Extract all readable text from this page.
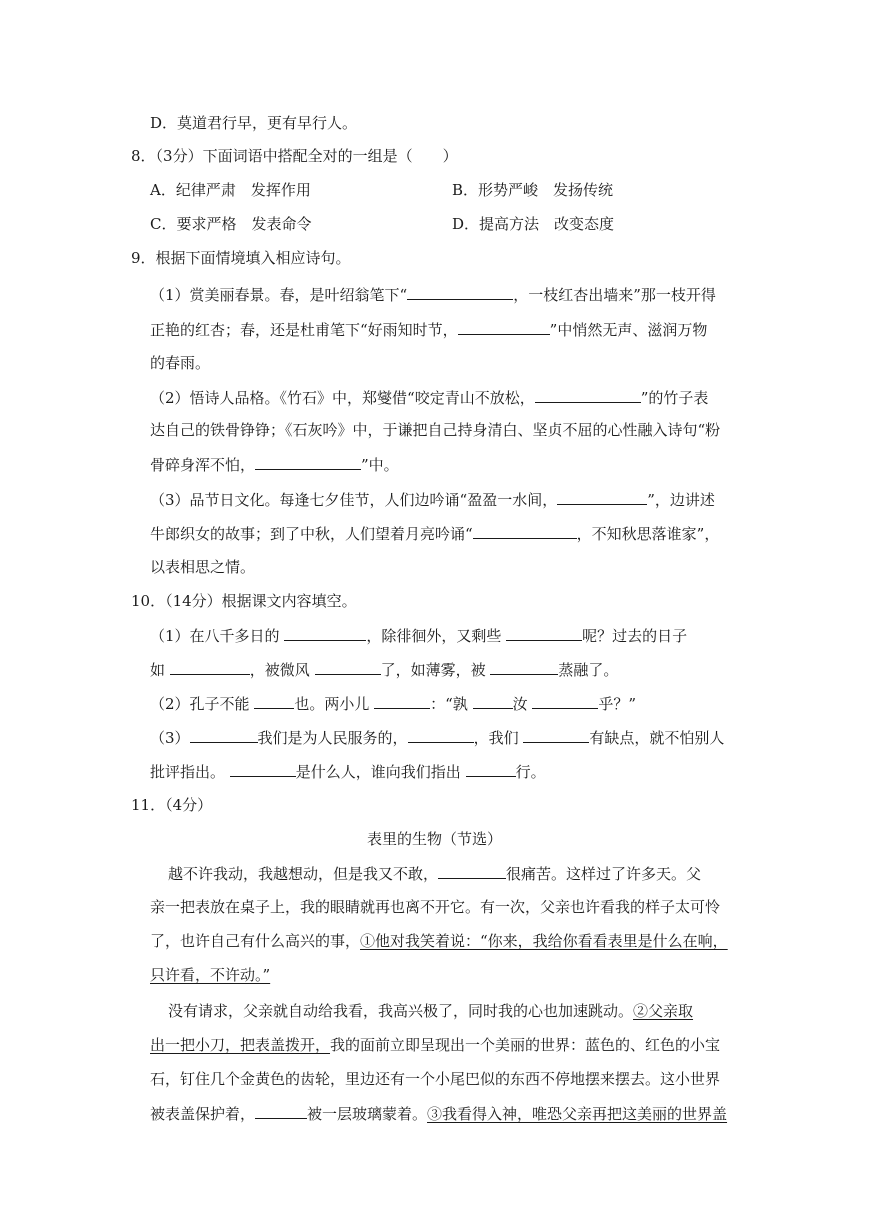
D．莫道君行早，更有早行人。
8．（3分）下面词语中搭配全对的一组是（　　）
A．纪律严肃　发挥作用	B．形势严峻　发扬传统
C．要求严格　发表命令	D．提高方法　改变态度
9．根据下面情境填入相应诗句。
（1）赏美丽春景。春，是叶绍翁笔下“	，一枝红杏出墙来”那一枝开得
正艳的红杏；春，还是杜甫笔下“好雨知时节，	”中悄然无声、滋润万物
的春雨。
（2）悟诗人品格。《竹石》中，郑燮借“咬定青山不放松，	”的竹子表
达自己的铁骨铮铮；《石灰吟》中，于谦把自己持身清白、坚贞不屈的心性融入诗句“粉
骨碎身浑不怕，	”中。
（3）品节日文化。每逢七夕佳节，人们边吟诵“盈盈一水间，	”，边讲述
牛郎织女的故事；到了中秋，人们望着月亮吟诵“	，不知秋思落谁家”，
以表相思之情。
10．（14分）根据课文内容填空。
（1）在八千多日的	，除徘徊外，又剩些	呢？过去的日子
如	，被微风	了，如薄雾，被	蒸融了。
（2）孔子不能	也。两小儿	：“孰	汝	乎？”
（3）	我们是为人民服务的，	，我们	有缺点，就不怕别人
批评指出。	是什么人，谁向我们指出	行。
11．（4分）
表里的生物（节选）
越不许我动，我越想动，但是我又不敢，	很痛苦。这样过了许多天。父
亲一把表放在桌子上，我的眼睛就再也离不开它。有一次，父亲也许看我的样子太可怜
了，也许自己有什么高兴的事，①他对我笑着说：“你来，我给你看看表里是什么在响，
只许看，不许动。”
没有请求，父亲就自动给我看，我高兴极了，同时我的心也加速跳动。②父亲取
出一把小刀，把表盖拨开，我的面前立即呈现出一个美丽的世界：蓝色的、红色的小宝
石，钉住几个金黄色的齿轮，里边还有一个小尾巴似的东西不停地摆来摆去。这小世界
被表盖保护着，	被一层玻璃蒙着。③我看得入神，唯恐父亲再把这美丽的世界盖
